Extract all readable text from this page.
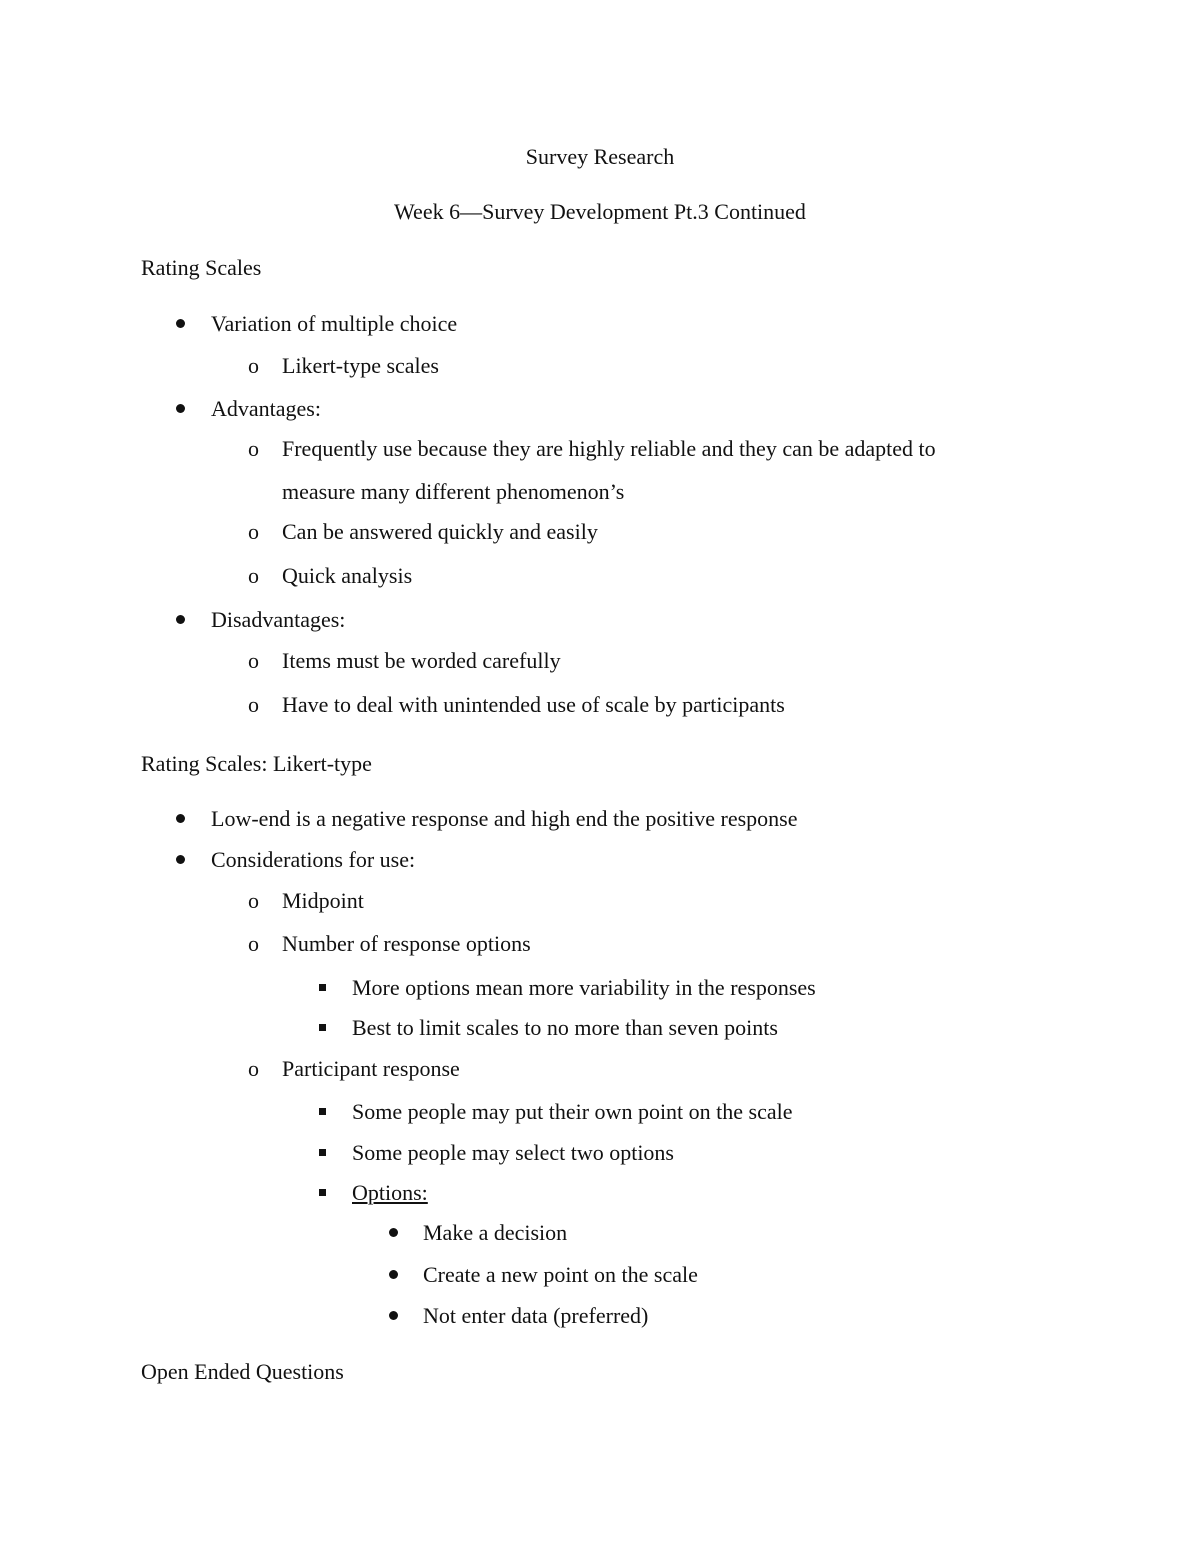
Survey Research
Week 6—Survey Development Pt.3 Continued
Rating Scales
Variation of multiple choice
Likert-type scales
o
Advantages:
Frequently use because they are highly reliable and they can be adapted to
o
measure many different phenomenon’s
Can be answered quickly and easily
o
Quick analysis
o
Disadvantages:
Items must be worded carefully
o
Have to deal with unintended use of scale by participants
o
Rating Scales: Likert-type
Low-end is a negative response and high end the positive response
Considerations for use:
Midpoint
o
Number of response options
o
More options mean more variability in the responses
Best to limit scales to no more than seven points
Participant response
o
Some people may put their own point on the scale
Some people may select two options
Options:
Make a decision
Create a new point on the scale
Not enter data (preferred)
Open Ended Questions
